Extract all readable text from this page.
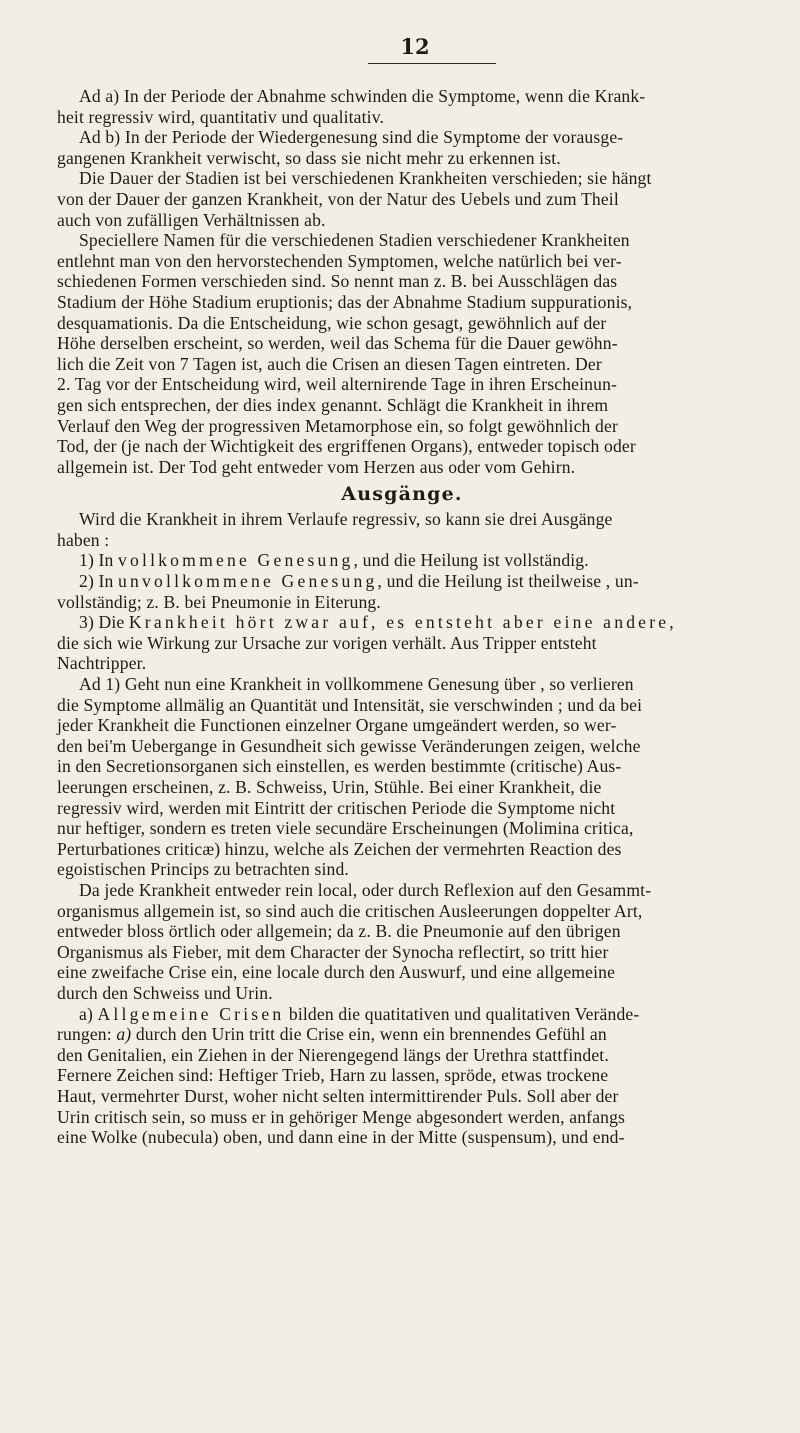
12

Ad a) In der Periode der Abnahme schwinden die Symptome, wenn die Krank-

heit regressiv wird, quantitativ und qualitativ.

Ad b) In der Periode der Wiedergenesung sind die Symptome der vorausge-

gangenen Krankheit verwischt, so dass sie nicht mehr zu erkennen ist.

Die Dauer der Stadien ist bei verschiedenen Krankheiten verschieden; sie hängt

von der Dauer der ganzen Krankheit, von der Natur des Uebels und zum Theil

auch von zufälligen Verhältnissen ab.

Speciellere Namen für die verschiedenen Stadien verschiedener Krankheiten

entlehnt man von den hervorstechenden Symptomen, welche natürlich bei ver-

schiedenen Formen verschieden sind. So nennt man z. B. bei Ausschlägen das

Stadium der Höhe Stadium eruptionis; das der Abnahme Stadium suppurationis,

desquamationis. Da die Entscheidung, wie schon gesagt, gewöhnlich auf der

Höhe derselben erscheint, so werden, weil das Schema für die Dauer gewöhn-

lich die Zeit von 7 Tagen ist, auch die Crisen an diesen Tagen eintreten. Der

2. Tag vor der Entscheidung wird, weil alternirende Tage in ihren Erscheinun-

gen sich entsprechen, der dies index genannt. Schlägt die Krankheit in ihrem

Verlauf den Weg der progressiven Metamorphose ein, so folgt gewöhnlich der

Tod, der (je nach der Wichtigkeit des ergriffenen Organs), entweder topisch oder

allgemein ist. Der Tod geht entweder vom Herzen aus oder vom Gehirn.

Ausgänge.

Wird die Krankheit in ihrem Verlaufe regressiv, so kann sie drei Ausgänge

haben :

1) In vollkommene Genesung, und die Heilung ist vollständig.

2) In unvollkommene Genesung, und die Heilung ist theilweise , un-

vollständig; z. B. bei Pneumonie in Eiterung.

3) Die Krankheit hört zwar auf, es entsteht aber eine andere,

die sich wie Wirkung zur Ursache zur vorigen verhält. Aus Tripper entsteht

Nachtripper.

Ad 1) Geht nun eine Krankheit in vollkommene Genesung über , so verlieren

die Symptome allmälig an Quantität und Intensität, sie verschwinden ; und da bei

jeder Krankheit die Functionen einzelner Organe umgeändert werden, so wer-

den bei'm Uebergange in Gesundheit sich gewisse Veränderungen zeigen, welche

in den Secretionsorganen sich einstellen, es werden bestimmte (critische) Aus-

leerungen erscheinen, z. B. Schweiss, Urin, Stühle. Bei einer Krankheit, die

regressiv wird, werden mit Eintritt der critischen Periode die Symptome nicht

nur heftiger, sondern es treten viele secundäre Erscheinungen (Molimina critica,

Perturbationes criticæ) hinzu, welche als Zeichen der vermehrten Reaction des

egoistischen Princips zu betrachten sind.

Da jede Krankheit entweder rein local, oder durch Reflexion auf den Gesammt-

organismus allgemein ist, so sind auch die critischen Ausleerungen doppelter Art,

entweder bloss örtlich oder allgemein; da z. B. die Pneumonie auf den übrigen

Organismus als Fieber, mit dem Character der Synocha reflectirt, so tritt hier

eine zweifache Crise ein, eine locale durch den Auswurf, und eine allgemeine

durch den Schweiss und Urin.

a) Allgemeine Crisen bilden die quatitativen und qualitativen Verände-

rungen: a) durch den Urin tritt die Crise ein, wenn ein brennendes Gefühl an

den Genitalien, ein Ziehen in der Nierengegend längs der Urethra stattfindet.

Fernere Zeichen sind: Heftiger Trieb, Harn zu lassen, spröde, etwas trockene

Haut, vermehrter Durst, woher nicht selten intermittirender Puls. Soll aber der

Urin critisch sein, so muss er in gehöriger Menge abgesondert werden, anfangs

eine Wolke (nubecula) oben, und dann eine in der Mitte (suspensum), und end-
